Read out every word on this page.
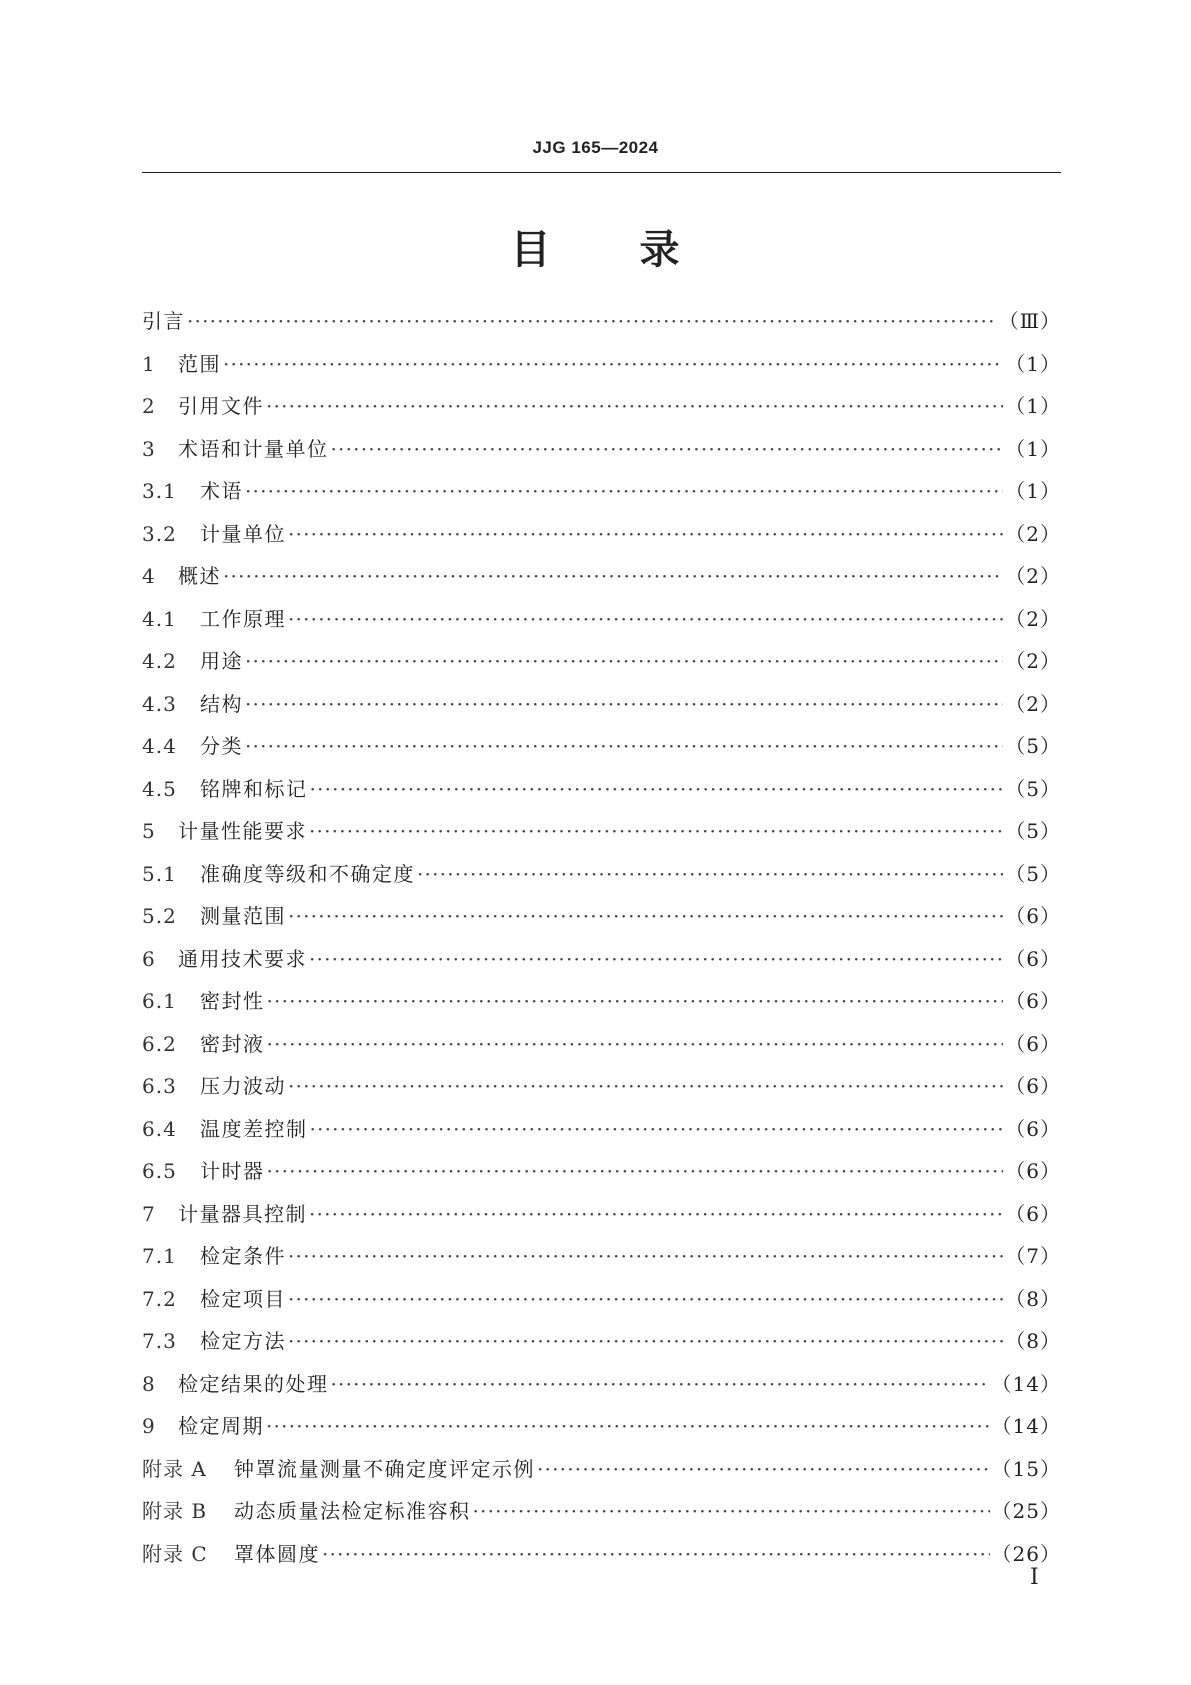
JJG 165—2024
目 录
引言 ·····	（Ⅲ）
1	范围 ·····	（1）
2	引用文件 ·····	（1）
3	术语和计量单位 ·····	（1）
3.1	术语 ·····	（1）
3.2	计量单位 ·····	（2）
4	概述 ·····	（2）
4.1	工作原理 ·····	（2）
4.2	用途 ·····	（2）
4.3	结构 ·····	（2）
4.4	分类 ·····	（5）
4.5	铭牌和标记 ·····	（5）
5	计量性能要求 ·····	（5）
5.1	准确度等级和不确定度 ·····	（5）
5.2	测量范围 ·····	（6）
6	通用技术要求 ·····	（6）
6.1	密封性 ·····	（6）
6.2	密封液 ·····	（6）
6.3	压力波动 ·····	（6）
6.4	温度差控制 ·····	（6）
6.5	计时器 ·····	（6）
7	计量器具控制 ·····	（6）
7.1	检定条件 ·····	（7）
7.2	检定项目 ·····	（8）
7.3	检定方法 ·····	（8）
8	检定结果的处理 ·····	（14）
9	检定周期 ·····	（14）
附录 A	钟罩流量测量不确定度评定示例 ·····	（15）
附录 B	动态质量法检定标准容积 ·····	（25）
附录 C	罩体圆度 ·····	（26）
Ⅰ
